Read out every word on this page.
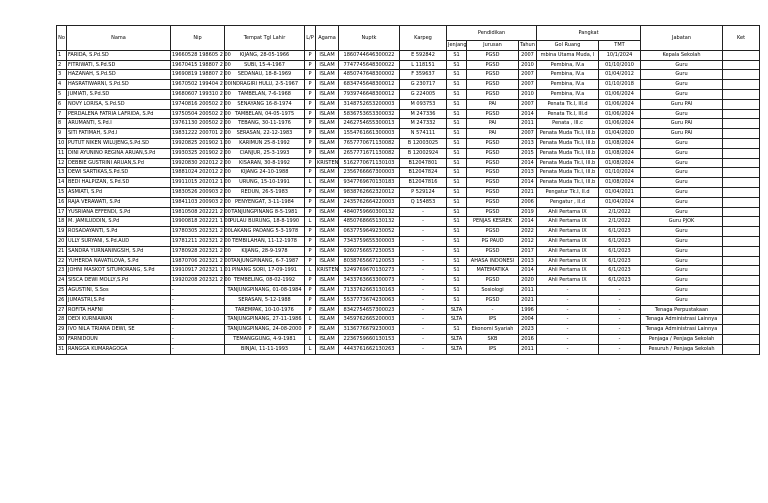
No	Nama	Nip	Tempat Tgl Lahir	L/P	Agama	Nuptk	Karpeg	Pendidikan			Pangkat		Jabatan	Ket
								Jenjang	Jurusan	Tahun	Gol Ruang	TMT		
1	FARIDA, S.Pd.SD	19660528 198605 2 00	KIJANG, 28-05-1966	P	ISLAM	1860744646300022	E 592842	S1	PGSD	2007	mbina Utama Muda, I	10/1/2024	Kepala Sekolah	
2	FITRIWATI, S.Pd.SD	19670415 198807 2 00	SUBI, 15-4-1967	P	ISLAM	7747745648300022	L 118151	S1	PGSD	2010	Pembina, IV.a	01/10/2010	Guru	
3	HAZANAH, S.Pd.SD	19690819 198807 2 00	SEDANAU, 18-8-1969	P	ISLAM	4850747648300002	F 359637	S1	PGSD	2007	Pembina, IV.a	01/04/2012	Guru	
4	HASRATIWARNI, S.Pd.SD	19670502 199404 2 00	INDRAGIRI HULU, 2-5-1967	P	ISLAM	6834745648300012	G 230717	S1	PGSD	2007	Pembina, IV.a	01/10/2018	Guru	
5	JUMIATI, S.Pd.SD	19680607 199310 2 00	TAMBELAN, 7-6-1968	P	ISLAM	7939746648300012	G 224005	S1	PGSD	2010	Pembina, IV.a	01/06/2024	Guru	
6	NOVY LORISA, S.Pd.SD	19740816 200502 2 00	SENAYANG 16-8-1974	P	ISLAM	3148752653200003	M 093753	S1	PAI	2007	Penata Tk.I, III.d	01/06/2024	Guru PAI	
7	PERDALENA FATRIA LAFRIDA, S.Pd	19750504 200502 2 00	TAMBELAN, 04-05-1975	P	ISLAM	5836753653300032	M 247336	S1	PGSD	2014	Penata Tk.I, III.d	01/06/2024	Guru	
8	ARUMANTI, S.Pd.I	19761130 200502 2 00	TEBANG, 30-11-1976	P	ISLAM	2462754655300013	M 247332	S1	PAI	2011	Penata , III.c	01/06/2024	Guru PAI	
9	SITI FATIMAH, S.Pd.I	19831222 200701 2 00	SERASAN, 22-12-1983	P	ISLAM	1554761661300003	N 574111	S1	PAI	2007	Penata Muda Tk.I, III.b	01/04/2020	Guru PAI	
10	PUTUT NIKEN WILUJENG,S.Pd.SD	19920825 201902 1 00	KARIMUN 25-8-1992	P	ISLAM	7657770671130082	B 12003025	S1	PGSD	2013	Penata Muda Tk.I, III.b	01/08/2024	Guru	
11	DINI AYUNINO REGINA ARUAN,S.Pd	19930325 201902 2 00	CIANJUR, 25-3-1993	P	ISLAM	2657771671130082	B 12002924	S1	PGSD	2015	Penata Muda Tk.I, III.b	01/08/2024	Guru	
12	DEBBIE GUSTRINI ARUAN,S.Pd	19920830 202012 2 00	KISARAN, 30-8-1992	P	KRISTEN	5162770671130103	B12047801	S1	PGSD	2014	Penata Muda Tk.I, III.b	01/08/2024	Guru	
13	DEWI SARTIKAS,S.Pd.SD	19881024 202012 2 00	KIJANG 24-10-1988	P	ISLAM	2356766667300003	B12047824	S1	PGSD	2013	Penata Muda Tk.I, III.b	01/10/2024	Guru	
14	BEDI HALPIZAN, S.Pd.SD	19911015 202012 1 00	URUNG, 15-10-1991	L	ISLAM	9347769670130183	B12047816	S1	PGSD	2014	Penata Muda Tk.I, III.b	01/08/2024	Guru	
15	ASMIATI, S.Pd	19830526 200903 2 00	REDUN, 26-5-1983	P	ISLAM	9838762662320012	P 529124	S1	PGSD	2021	Pengatur Tk.I, II.d	01/04/2021	Guru	
16	RAJA VERAWATI, S.Pd	19841103 200903 2 00	PENYENGAT, 3-11-1984	P	ISLAM	2435762664220003	Q 154853	S1	PGSD	2006	Pengatur , II.d	01/04/2024	Guru	
17	YUSRIANA EFFENDI, S.Pd	19810508 202221 2 00	TANJUNGPINANG 8-5-1981	P	ISLAM	4840759660300132	-	S1	PGSD	2019	Ahli Pertama IX	2/1/2022	Guru	
18	M. JAMILUDDIN, S.Pd	19900818 202221 1 00	PULAU BURUNG, 18-8-1990	L	ISLAM	4850768665130132	-	S1	PENJAS KESREK	2014	Ahli Pertama IX	2/1/2022	Guru PJOK	
19	ROSADAYANTI, S.Pd	19780305 202321 2 00	LAKANG PADANG 5-3-1978	P	ISLAM	0637759649230052	-	S1	PGSD	2022	Ahli Pertama IX	6/1/2023	Guru	
20	ULLY SURYANI, S.Pd.AUD	19781211 202321 2 00	TEMBILAHAN, 11-12-1978	P	ISLAM	7343759655300003	-	S1	PG PAUD	2012	Ahli Pertama IX	6/1/2023	Guru	
21	SANDRA YURNANINGSIH, S.Pd	19780928 202321 2 00	KIJANG, 28-9-1978	P	ISLAM	9260756657230053	-	S1	PGSD	2017	Ahli Pertama IX	6/1/2023	Guru	
22	YUHERDA NAVATILOVA, S.Pd	19870706 202321 2 00	TANJUNGPINANG, 6-7-1987	P	ISLAM	8038765667120053	-	S1	AHASA INDONESI	2013	Ahli Pertama IX	6/1/2023	Guru	
23	JOHNI MASKOT SITUMORANG, S.Pd	19910917 202321 1 01	PINANG SORI, 17-09-1991	L	KRISTEN	3249769670130273	-	S1	MATEMATIKA	2014	Ahli Pertama IX	6/1/2023	Guru	
24	SISCA DEWI MOLLY,S.Pd	19920208 202321 2 00	TEMBELING, 08-02-1992	P	ISLAM	3433763663300073	-	S1	PGSD	2020	Ahli Pertama IX	6/1/2023	Guru	
25	AGUSTINI, S.Sos	-	TANJUNGPINANG, 01-08-1984	P	ISLAM	7133762663130163	-	S1	Sosiologi	2011	-	-	Guru	
26	JUMASTRI,S.Pd	-	SERASAN, 5-12-1988	P	ISLAM	5537773674230063	-	S1	PGSD	2021	-	-	Guru	
27	ROFITA HAFNI	-	TAREMPAK, 10-10-1976	P	ISLAM	8342754657300023	-	SLTA	-	1996	-	-	Tenaga Perpustakaan	
28	DEDI KURNIAWAN	-	TANJUNGPINANG, 27-11-1986	L	ISLAM	3459762665200003	-	SLTA	IPS	2004	-	-	Tenaga Administrasi Lainnya	
29	IVO NILA TRIANA DEWI, SE	-	TANJUNGPINANG, 24-08-2000	P	ISLAM	3136776679230003	-	S1	Ekonomi Syariah	2023	-	-	Tenaga Administrasi Lainnya	
30	FARNIDOUN	-	TEMANGGUNG, 4-9-1981	L	ISLAM	2236759660130153	-	SLTA	SKB	2016	-	-	Penjaga / Penjaga Sekolah	
31	RANGGA KUMARAGOGA	-	BINJAI, 11-11-1993	L	ISLAM	4443761662130263	-	SLTA	IPS	2011	-	-	Pesuruh / Penjaga Sekolah	
